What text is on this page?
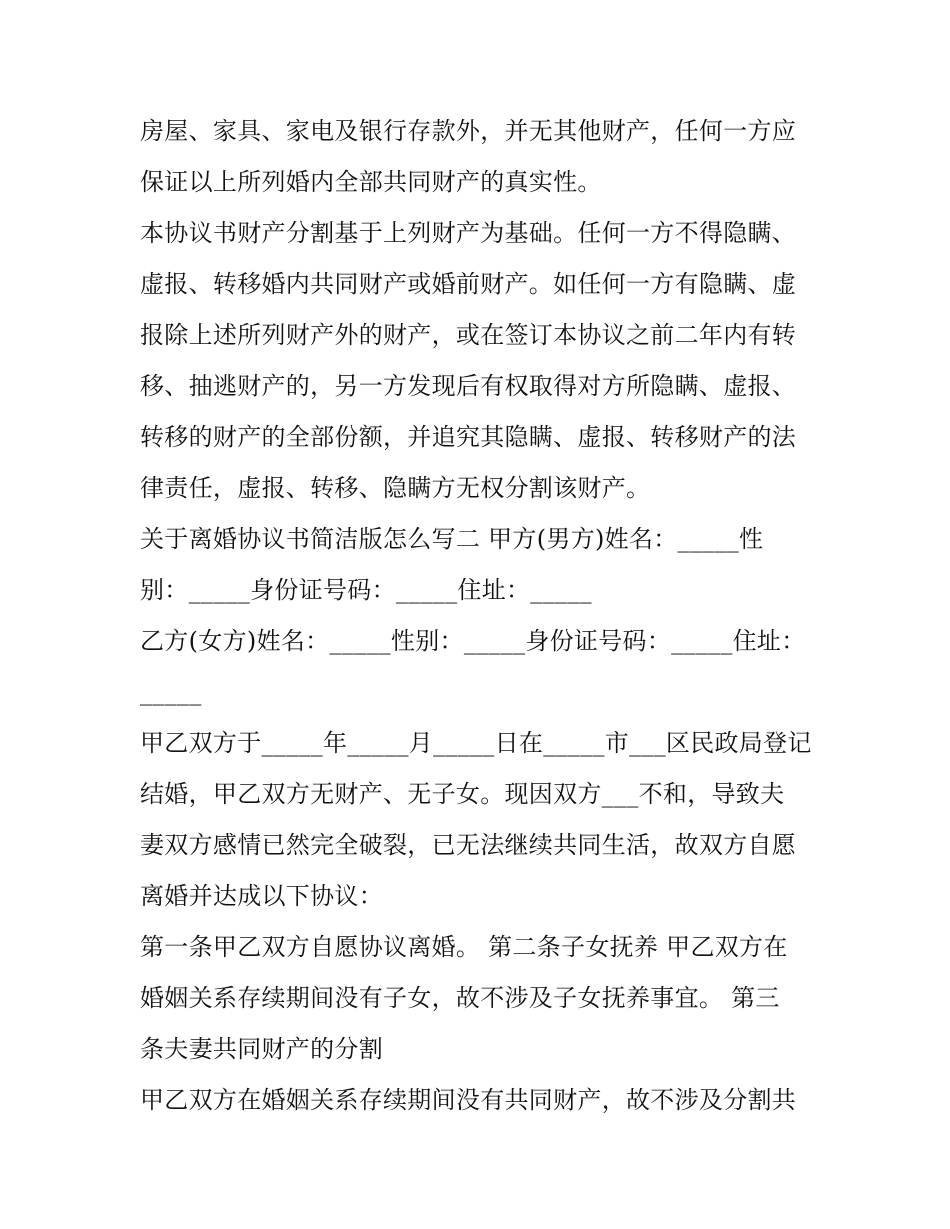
房屋、家具、家电及银行存款外，并无其他财产，任何一方应
保证以上所列婚内全部共同财产的真实性。
本协议书财产分割基于上列财产为基础。任何一方不得隐瞒、
虚报、转移婚内共同财产或婚前财产。如任何一方有隐瞒、虚
报除上述所列财产外的财产，或在签订本协议之前二年内有转
移、抽逃财产的，另一方发现后有权取得对方所隐瞒、虚报、
转移的财产的全部份额，并追究其隐瞒、虚报、转移财产的法
律责任，虚报、转移、隐瞒方无权分割该财产。
关于离婚协议书简洁版怎么写二 甲方(男方)姓名：_____性
别：_____身份证号码：_____住址：_____
乙方(女方)姓名：_____性别：_____身份证号码：_____住址：
_____
甲乙双方于_____年_____月_____日在_____市___区民政局登记
结婚，甲乙双方无财产、无子女。现因双方___不和，导致夫
妻双方感情已然完全破裂，已无法继续共同生活，故双方自愿
离婚并达成以下协议：
第一条甲乙双方自愿协议离婚。 第二条子女抚养 甲乙双方在
婚姻关系存续期间没有子女，故不涉及子女抚养事宜。 第三
条夫妻共同财产的分割
甲乙双方在婚姻关系存续期间没有共同财产，故不涉及分割共
